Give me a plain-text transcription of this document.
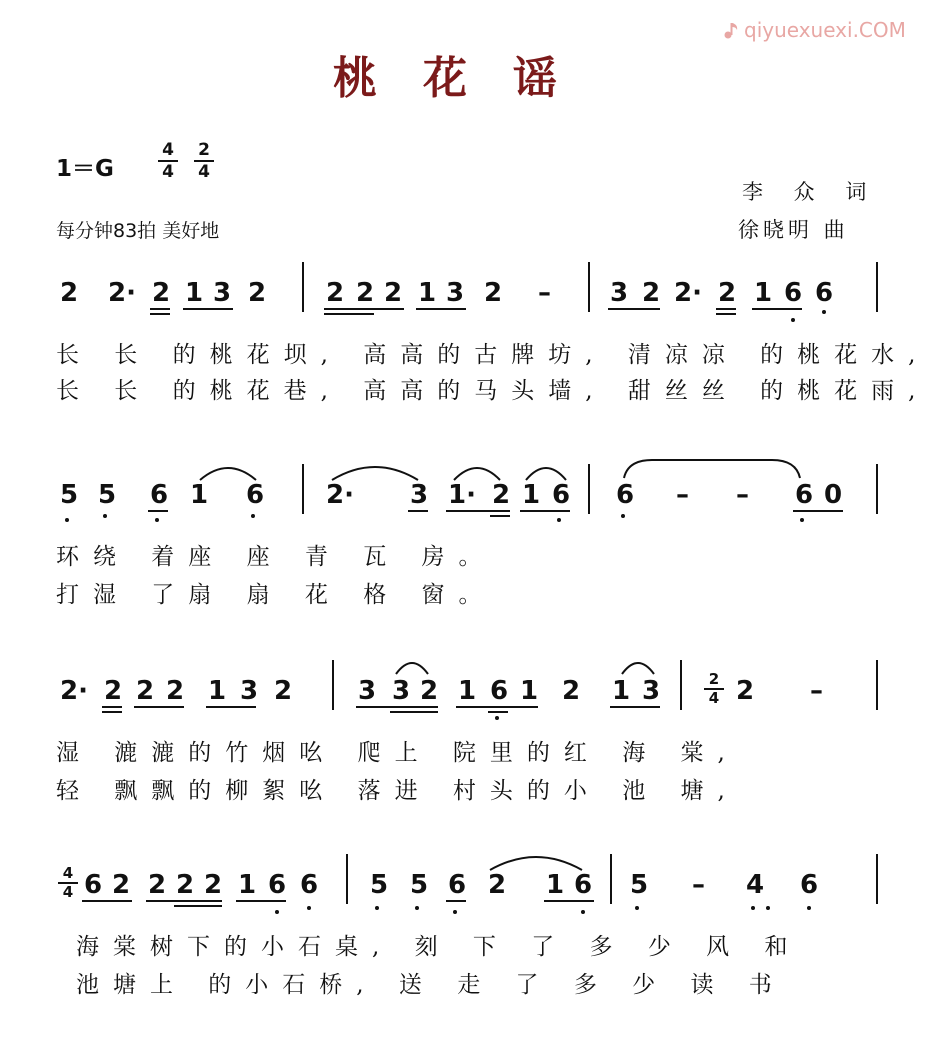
qiyuexuexi.COM
桃花谣
1＝G
4
4
2
4
每分钟83拍 美好地
李 众 词
徐晓明 曲
2 2· 2 1 3 2 2 2 2 1 3 2 – 3 2 2· 2 1 6 6
长 长 的桃花坝, 高高的古牌坊, 清凉凉 的桃花水,
长 长 的桃花巷, 高高的马头墙, 甜丝丝 的桃花雨,
5 5 6 1 6 2· 3 1· 2 1 6 6 – – 6 0
环绕 着座 座 青 瓦 房。
打湿 了扇 扇 花 格 窗。
2· 2 2 2 1 3 2	3 3 2 1 6 1 2 1 3	2
4 2 –
湿 漉漉的竹烟吆 爬上 院里的红 海 棠,
轻 飘飘的柳絮吆 落进 村头的小 池 塘,
4
4 6 2 2 2 2 1 6 6 5 5 6 2 1 6 5 – 4 6
海棠树下的小石桌, 刻 下 了 多 少 风 和
池塘上 的小石桥, 送 走 了 多 少 读 书
